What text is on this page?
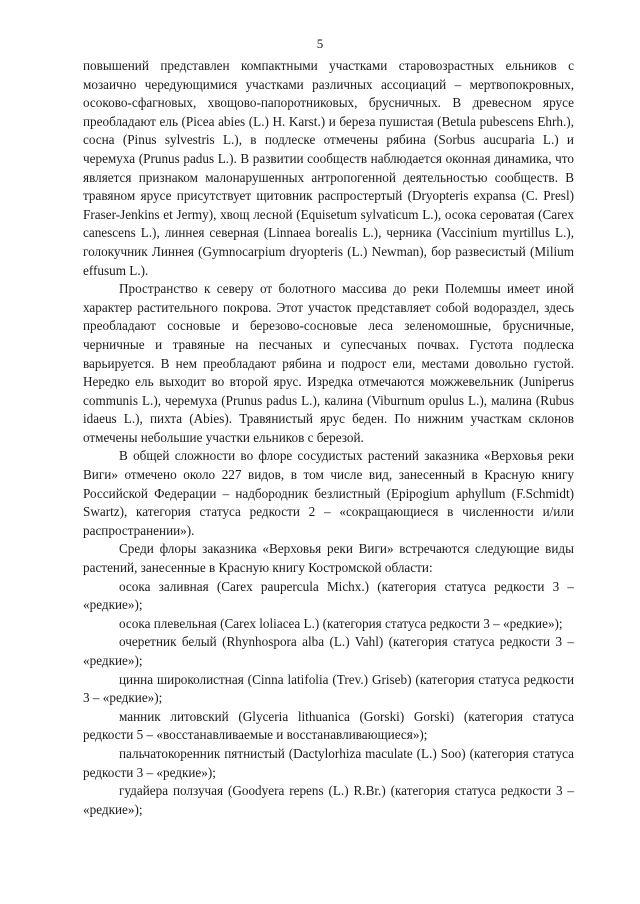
5

повышений представлен компактными участками старовозрастных ельников с мозаично чередующимися участками различных ассоциаций – мертвопокровных, осоково-сфагновых, хвощово-папоротниковых, брусничных. В древесном ярусе преобладают ель (Picea abies (L.) H. Karst.) и береза пушистая (Betula pubescens Ehrh.), сосна (Pinus sylvestris L.), в подлеске отмечены рябина (Sorbus aucuparia L.) и черемуха (Prunus padus L.). В развитии сообществ наблюдается оконная динамика, что является признаком малонарушенных антропогенной деятельностью сообществ. В травяном ярусе присутствует щитовник распростертый (Dryopteris expansa (C. Presl) Fraser-Jenkins et Jermy), хвощ лесной (Equisetum sylvaticum L.), осока сероватая (Carex canescens L.), линнея северная (Linnaea borealis L.), черника (Vaccinium myrtillus L.), голокучник Линнея (Gymnocarpium dryopteris (L.) Newman), бор развесистый (Milium effusum L.).

Пространство к северу от болотного массива до реки Полемшы имеет иной характер растительного покрова. Этот участок представляет собой водораздел, здесь преобладают сосновые и березово-сосновые леса зеленомошные, брусничные, черничные и травяные на песчаных и супесчаных почвах. Густота подлеска варьируется. В нем преобладают рябина и подрост ели, местами довольно густой. Нередко ель выходит во второй ярус. Изредка отмечаются можжевельник (Juniperus communis L.), черемуха (Prunus padus L.), калина (Viburnum opulus L.), малина (Rubus idaeus L.), пихта (Abies). Травянистый ярус беден. По нижним участкам склонов отмечены небольшие участки ельников с березой.

В общей сложности во флоре сосудистых растений заказника «Верховья реки Виги» отмечено около 227 видов, в том числе вид, занесенный в Красную книгу Российской Федерации – надбородник безлистный (Epipogium aphyllum (F.Schmidt) Swartz), категория статуса редкости 2 – «сокращающиеся в численности и/или распространении»).

Среди флоры заказника «Верховья реки Виги» встречаются следующие виды растений, занесенные в Красную книгу Костромской области:

осока заливная (Carex paupercula Michx.) (категория статуса редкости 3 – «редкие»);

осока плевельная (Carex loliacea L.) (категория статуса редкости 3 – «редкие»);

очеретник белый (Rhynhospora alba (L.) Vahl) (категория статуса редкости 3 – «редкие»);

цинна широколистная (Cinna latifolia (Trev.) Griseb) (категория статуса редкости 3 – «редкие»);

манник литовский (Glyceria lithuanica (Gorski) Gorski) (категория статуса редкости 5 – «восстанавливаемые и восстанавливающиеся»);

пальчатокоренник пятнистый (Dactylorhiza maculate (L.) Soo) (категория статуса редкости 3 – «редкие»);

гудайера ползучая (Goodyera repens (L.) R.Br.) (категория статуса редкости 3 – «редкие»);
